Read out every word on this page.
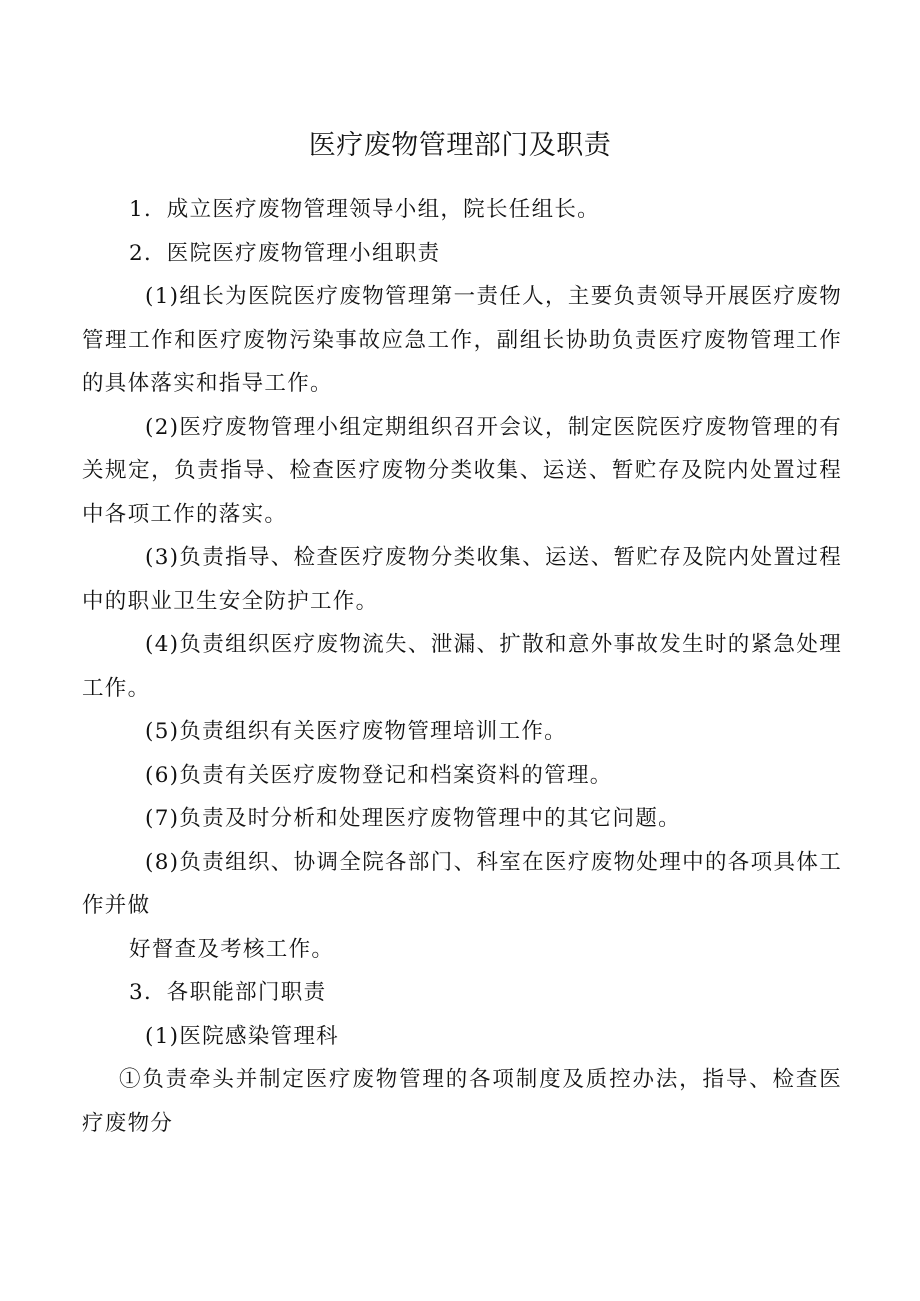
医疗废物管理部门及职责

1．成立医疗废物管理领导小组，院长任组长。

2．医院医疗废物管理小组职责

(1)组长为医院医疗废物管理第一责任人，主要负责领导开展医疗废物管理工作和医疗废物污染事故应急工作，副组长协助负责医疗废物管理工作的具体落实和指导工作。

(2)医疗废物管理小组定期组织召开会议，制定医院医疗废物管理的有关规定，负责指导、检查医疗废物分类收集、运送、暂贮存及院内处置过程中各项工作的落实。

(3)负责指导、检查医疗废物分类收集、运送、暂贮存及院内处置过程中的职业卫生安全防护工作。

(4)负责组织医疗废物流失、泄漏、扩散和意外事故发生时的紧急处理工作。

(5)负责组织有关医疗废物管理培训工作。

(6)负责有关医疗废物登记和档案资料的管理。

(7)负责及时分析和处理医疗废物管理中的其它问题。

(8)负责组织、协调全院各部门、科室在医疗废物处理中的各项具体工作并做

好督查及考核工作。

3．各职能部门职责

(1)医院感染管理科

①负责牵头并制定医疗废物管理的各项制度及质控办法，指导、检查医疗废物分
